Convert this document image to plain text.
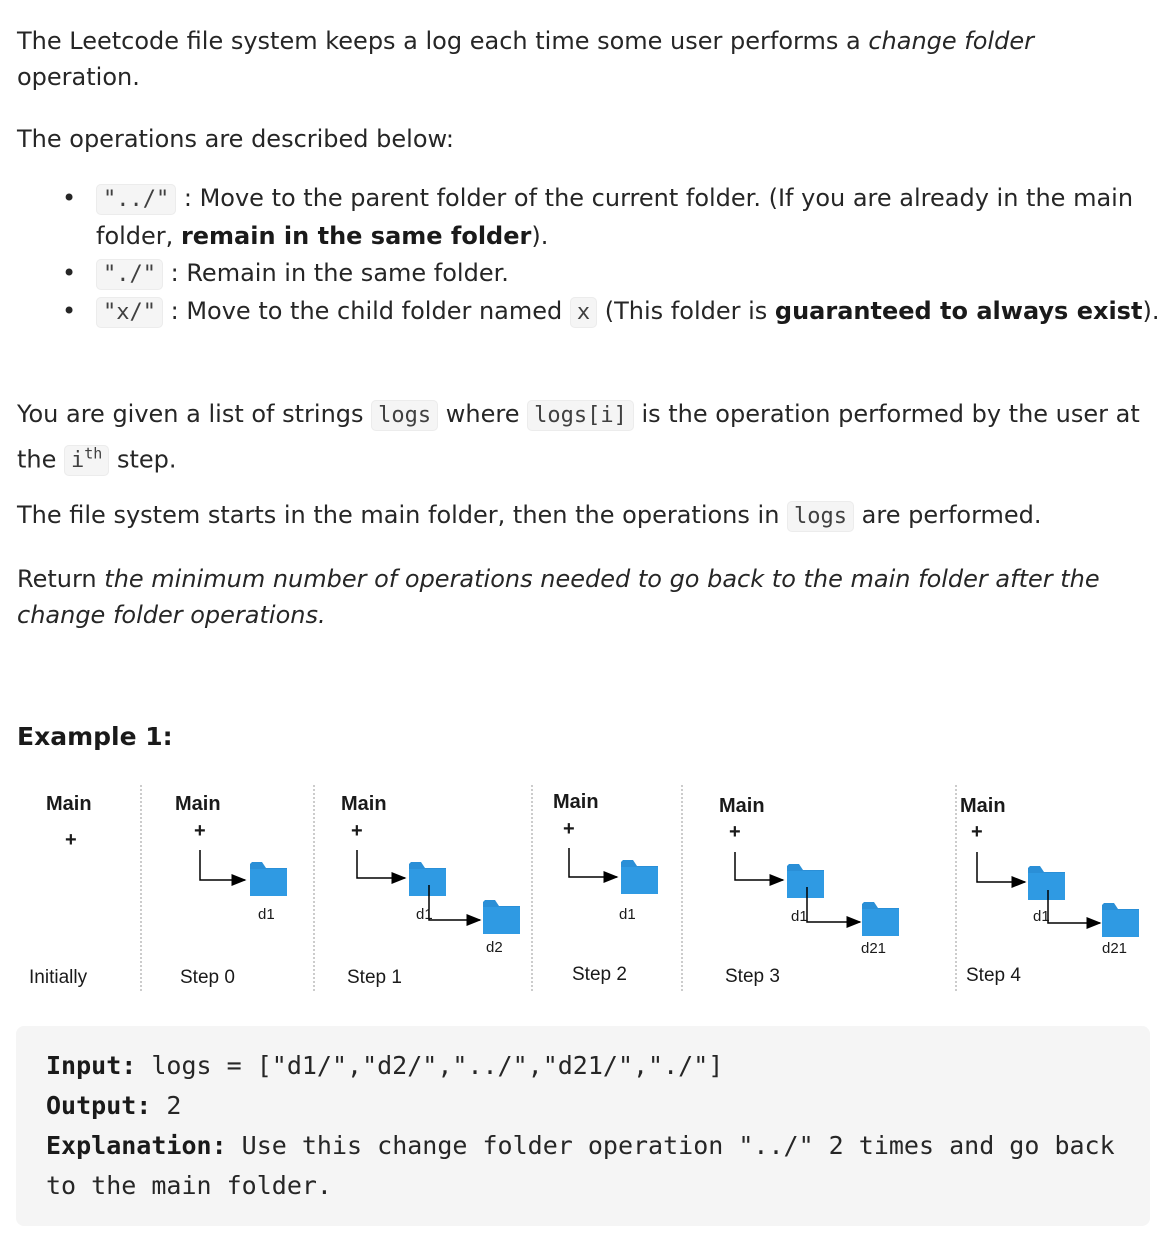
The Leetcode file system keeps a log each time some user performs a change folder operation.

The operations are described below:

• "../" : Move to the parent folder of the current folder. (If you are already in the main folder, remain in the same folder).
• "./" : Remain in the same folder.
• "x/" : Move to the child folder named x (This folder is guaranteed to always exist).

You are given a list of strings logs where logs[i] is the operation performed by the user at the $i^{th}$ step.

The file system starts in the main folder, then the operations in logs are performed.

Return the minimum number of operations needed to go back to the main folder after the change folder operations.

Example 1:
Main
+
Initially
Main
+
d1
Step 0
Main
+
d1
d2
Step 1
Main
+
d1
Step 2
Main
+
d1
d21
Step 3
Main
+
d1
d21
Step 4
Input: logs = ["d1/","d2/","../","d21/","./"]
Output: 2
Explanation: Use this change folder operation "../" 2 times and go back to the main folder.
